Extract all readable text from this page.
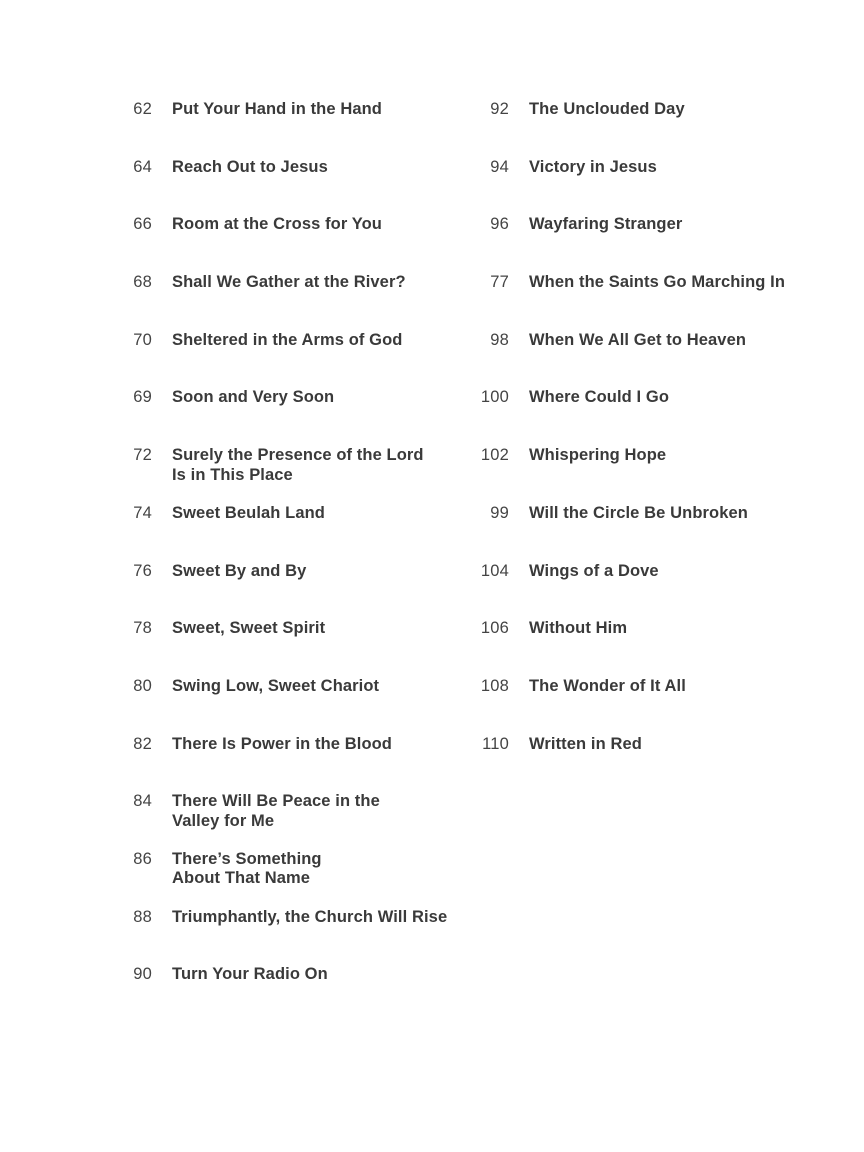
62 Put Your Hand in the Hand
64 Reach Out to Jesus
66 Room at the Cross for You
68 Shall We Gather at the River?
70 Sheltered in the Arms of God
69 Soon and Very Soon
72 Surely the Presence of the Lord
Is in This Place
74 Sweet Beulah Land
76 Sweet By and By
78 Sweet, Sweet Spirit
80 Swing Low, Sweet Chariot
82 There Is Power in the Blood
84 There Will Be Peace in the
Valley for Me
86 There’s Something
About That Name
88 Triumphantly, the Church Will Rise
90 Turn Your Radio On
92 The Unclouded Day
94 Victory in Jesus
96 Wayfaring Stranger
77 When the Saints Go Marching In
98 When We All Get to Heaven
100 Where Could I Go
102 Whispering Hope
99 Will the Circle Be Unbroken
104 Wings of a Dove
106 Without Him
108 The Wonder of It All
110 Written in Red
